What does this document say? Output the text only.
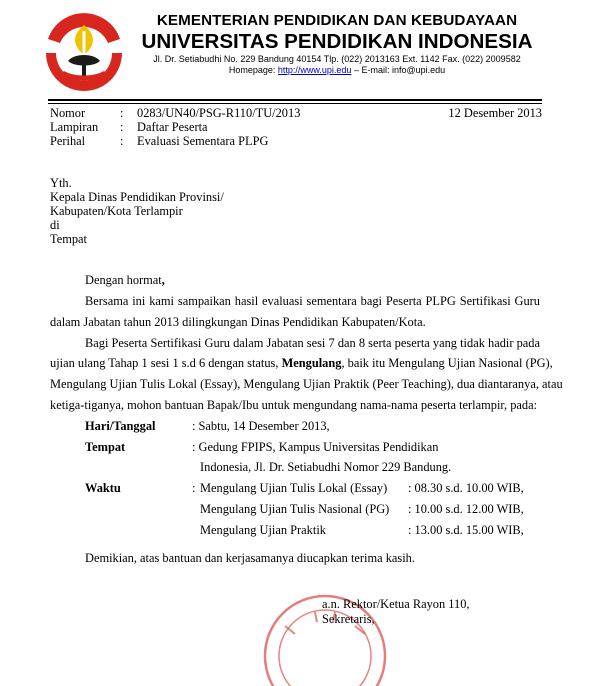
KEMENTERIAN PENDIDIKAN DAN KEBUDAYAAN
UNIVERSITAS PENDIDIKAN INDONESIA
Jl. Dr. Setiabudhi No. 229 Bandung 40154 Tlp. (022) 2013163 Ext. 1142 Fax. (022) 2009582
Homepage: http://www.upi.edu – E-mail: info@upi.edu
Nomor	: 0283/UN40/PSG-R110/TU/2013	12 Desember 2013
Lampiran : Daftar Peserta
Perihal	: Evaluasi Sementara PLPG
Yth.
Kepala Dinas Pendidikan Provinsi/
Kabupaten/Kota Terlampir
di
Tempat
Dengan hormat,
Bersama ini kami sampaikan hasil evaluasi sementara bagi Peserta PLPG Sertifikasi Guru
dalam Jabatan tahun 2013 dilingkungan Dinas Pendidikan Kabupaten/Kota.
Bagi Peserta Sertifikasi Guru dalam Jabatan sesi 7 dan 8 serta peserta yang tidak hadir pada
ujian ulang Tahap 1 sesi 1 s.d 6 dengan status, Mengulang, baik itu Mengulang Ujian Nasional (PG),
Mengulang Ujian Tulis Lokal (Essay), Mengulang Ujian Praktik (Peer Teaching), dua diantaranya, atau
ketiga-tiganya, mohon bantuan Bapak/Ibu untuk mengundang nama-nama peserta terlampir, pada:
Hari/Tanggal	: Sabtu, 14 Desember 2013,
Tempat	: Gedung FPIPS, Kampus Universitas Pendidikan
Indonesia, Jl. Dr. Setiabudhi Nomor 229 Bandung.
Waktu	: Mengulang Ujian Tulis Lokal (Essay) : 08.30 s.d. 10.00 WIB,
Mengulang Ujian Tulis Nasional (PG) : 10.00 s.d. 12.00 WIB,
Mengulang Ujian Praktik	: 13.00 s.d. 15.00 WIB,
Demikian, atas bantuan dan kerjasamanya diucapkan terima kasih.
a.n. Rektor/Ketua Rayon 110,
Sekretaris,
